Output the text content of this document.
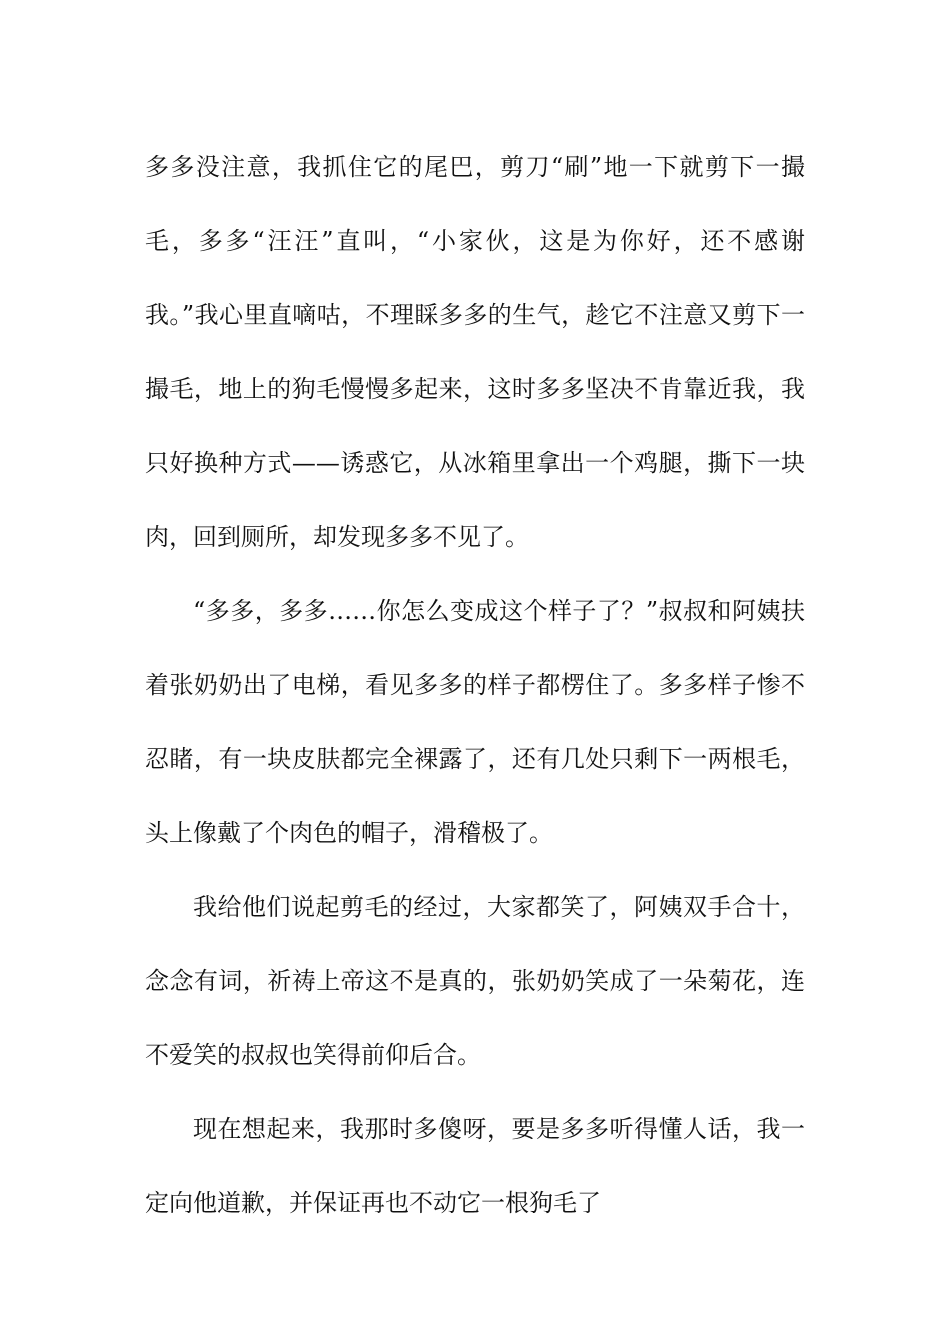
多多没注意，我抓住它的尾巴，剪刀“刷”地一下就剪下一撮毛，多多“汪汪”直叫，“小家伙，这是为你好，还不感谢我。”我心里直嘀咕，不理睬多多的生气，趁它不注意又剪下一撮毛，地上的狗毛慢慢多起来，这时多多坚决不肯靠近我，我只好换种方式——诱惑它，从冰箱里拿出一个鸡腿，撕下一块肉，回到厕所，却发现多多不见了。

“多多，多多……你怎么变成这个样子了？”叔叔和阿姨扶着张奶奶出了电梯，看见多多的样子都楞住了。多多样子惨不忍睹，有一块皮肤都完全裸露了，还有几处只剩下一两根毛，头上像戴了个肉色的帽子，滑稽极了。

我给他们说起剪毛的经过，大家都笑了，阿姨双手合十，念念有词，祈祷上帝这不是真的，张奶奶笑成了一朵菊花，连不爱笑的叔叔也笑得前仰后合。

现在想起来，我那时多傻呀，要是多多听得懂人话，我一定向他道歉，并保证再也不动它一根狗毛了
